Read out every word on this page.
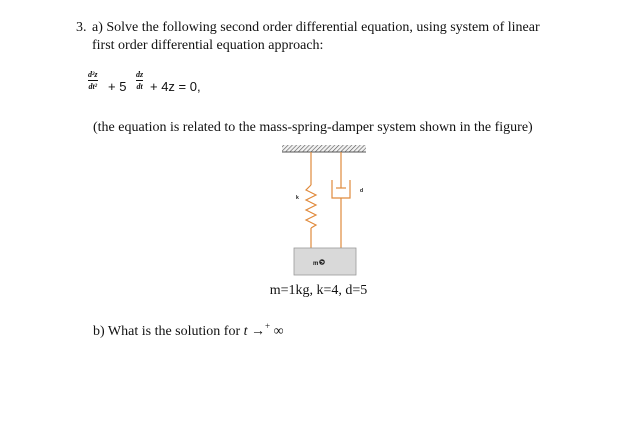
3. a) Solve the following second order differential equation, using system of linear
first order differential equation approach:
d²z
dt² + 5
dz
dt + 4z = 0,
(the equation is related to the mass-spring-damper system shown in the figure)
k
d
m
m=1kg, k=4, d=5
b) What is the solution for t →+ ∞
